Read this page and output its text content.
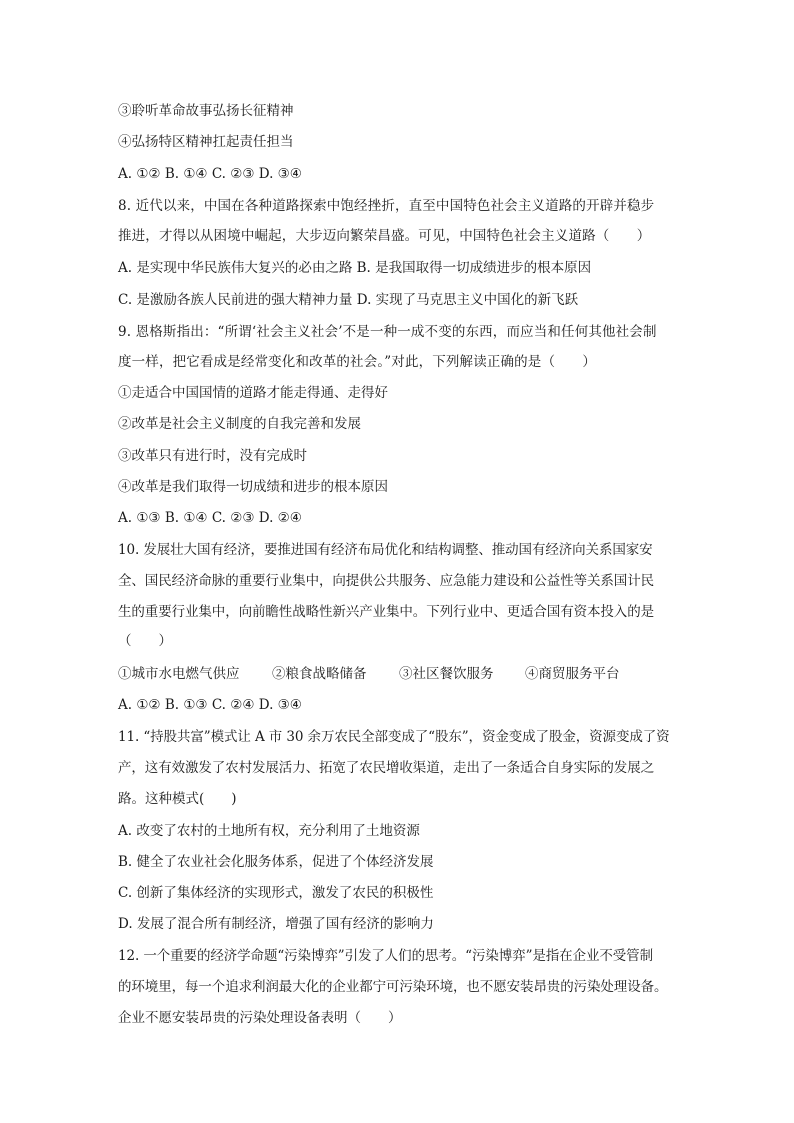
③聆听革命故事弘扬长征精神
④弘扬特区精神扛起责任担当
A. ①② B. ①④ C. ②③ D. ③④
8. 近代以来，中国在各种道路探索中饱经挫折，直至中国特色社会主义道路的开辟并稳步
推进，才得以从困境中崛起，大步迈向繁荣昌盛。可见，中国特色社会主义道路（　　）
A. 是实现中华民族伟大复兴的必由之路 B. 是我国取得一切成绩进步的根本原因
C. 是激励各族人民前进的强大精神力量 D. 实现了马克思主义中国化的新飞跃
9. 恩格斯指出：“所谓‘社会主义社会’不是一种一成不变的东西，而应当和任何其他社会制
度一样，把它看成是经常变化和改革的社会。”对此，下列解读正确的是（　　）
①走适合中国国情的道路才能走得通、走得好
②改革是社会主义制度的自我完善和发展
③改革只有进行时，没有完成时
④改革是我们取得一切成绩和进步的根本原因
A. ①③ B. ①④ C. ②③ D. ②④
10. 发展壮大国有经济，要推进国有经济布局优化和结构调整、推动国有经济向关系国家安
全、国民经济命脉的重要行业集中，向提供公共服务、应急能力建设和公益性等关系国计民
生的重要行业集中，向前瞻性战略性新兴产业集中。下列行业中、更适合国有资本投入的是
（　　）
①城市水电燃气供应	②粮食战略储备	③社区餐饮服务	④商贸服务平台
A. ①② B. ①③ C. ②④ D. ③④
11. “持股共富”模式让 A 市 30 余万农民全部变成了“股东”，资金变成了股金，资源变成了资
产，这有效激发了农村发展活力、拓宽了农民增收渠道，走出了一条适合自身实际的发展之
路。这种模式(　　)
A. 改变了农村的土地所有权，充分利用了土地资源
B. 健全了农业社会化服务体系，促进了个体经济发展
C. 创新了集体经济的实现形式，激发了农民的积极性
D. 发展了混合所有制经济，增强了国有经济的影响力
12. 一个重要的经济学命题“污染博弈”引发了人们的思考。“污染博弈”是指在企业不受管制
的环境里，每一个追求利润最大化的企业都宁可污染环境，也不愿安装昂贵的污染处理设备。
企业不愿安装昂贵的污染处理设备表明（　　）
